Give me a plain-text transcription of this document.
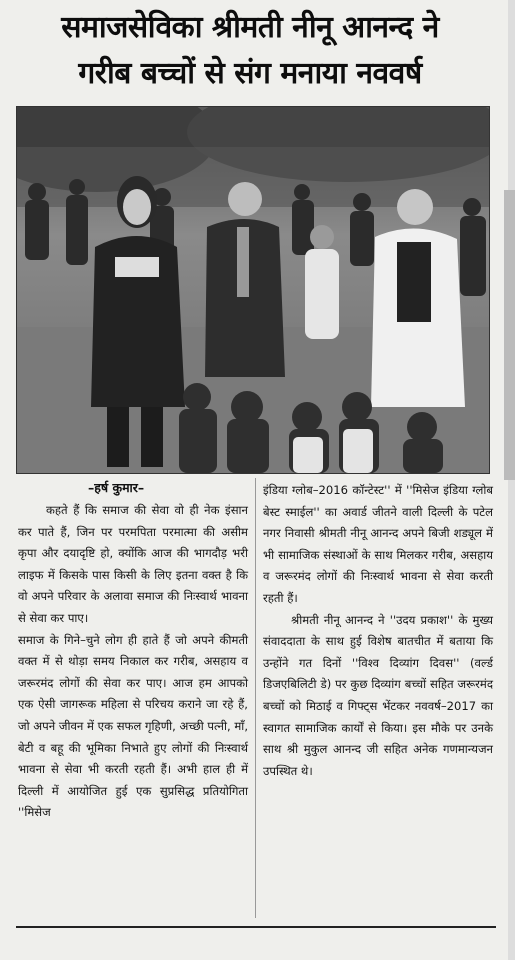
समाजसेविका श्रीमती नीनू आनन्द ने
गरीब बच्चों से संग मनाया नववर्ष
–हर्ष कुमार–

कहते हैं कि समाज की सेवा वो ही नेक इंसान कर पाते हैं, जिन पर परमपिता परमात्मा की असीम कृपा और दयादृष्टि हो, क्योंकि आज की भागदौड़ भरी लाइफ में किसके पास किसी के लिए इतना वक्त है कि वो अपने परिवार के अलावा समाज की निःस्वार्थ भावना से सेवा कर पाए।

समाज के गिने–चुने लोग ही हाते हैं जो अपने कीमती वक्त में से थोड़ा समय निकाल कर गरीब, असहाय व जरूरमंद लोगों की सेवा कर पाए। आज हम आपको एक ऐसी जागरूक महिला से परिचय कराने जा रहे हैं, जो अपने जीवन में एक सफल गृहिणी, अच्छी पत्नी, माँ, बेटी व बहू की भूमिका निभाते हुए लोगों की निःस्वार्थ भावना से सेवा भी करती रहती हैं। अभी हाल ही में दिल्ली में आयोजित हुई एक सुप्रसिद्ध प्रतियोगिता ''मिसेज

इंडिया ग्लोब–2016 कॉन्टेस्ट'' में ''मिसेज इंडिया ग्लोब बेस्ट स्माईल'' का अवार्ड जीतने वाली दिल्ली के पटेल नगर निवासी श्रीमती नीनू आनन्द अपने बिजी शड्यूल में भी सामाजिक संस्थाओं के साथ मिलकर गरीब, असहाय व जरूरमंद लोगों की निःस्वार्थ भावना से सेवा करती रहती हैं।

श्रीमती नीनू आनन्द ने ''उदय प्रकाश'' के मुख्य संवाददाता के साथ हुई विशेष बातचीत में बताया कि उन्होंने गत दिनों ''विश्व दिव्यांग दिवस'' (वर्ल्ड डिजएबिलिटी डे) पर कुछ दिव्यांग बच्चों सहित जरूरमंद बच्चों को मिठाई व गिफ्ट्स भेंटकर नववर्ष–2017 का स्वागत सामाजिक कार्यों से किया। इस मौके पर उनके साथ श्री मुकुल आनन्द जी सहित अनेक गणमान्यजन उपस्थित थे।
